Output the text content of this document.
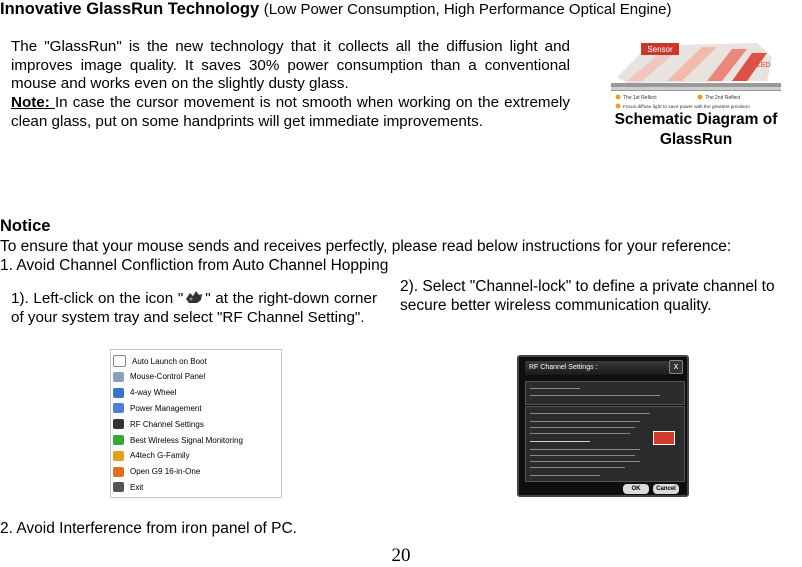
Innovative GlassRun Technology (Low Power Consumption, High Performance Optical Engine)

The "GlassRun" is the new technology that it collects all the diffusion light and improves image quality. It saves 30% power consumption than a conventional mouse and works even on the slightly dusty glass.

Note: In case the cursor movement is not smooth when working on the extremely clean glass, put on some handprints will get immediate improvements.

Sensor
LED
The 1st Reflect	The 2nd Reflect
Focus diffuse light to save power with the greatest precision
Schematic Diagram of GlassRun
Notice
To ensure that your mouse sends and receives perfectly, please read below instructions for your reference:
1. Avoid Channel Confliction from Auto Channel Hopping
1). Left-click on the icon " " at the right-down corner of your system tray and select "RF Channel Setting".
2). Select "Channel-lock" to define a private channel to secure better wireless communication quality.
Auto Launch on Boot
Mouse-Control Panel
4-way Wheel
Power Management
RF Channel Settings
Best Wireless Signal Monitoring
A4tech G-Family
Open G9 16-in-One
Exit
RF Channel Settings :	x
OK	Cancel
2. Avoid Interference from iron panel of PC.
20
